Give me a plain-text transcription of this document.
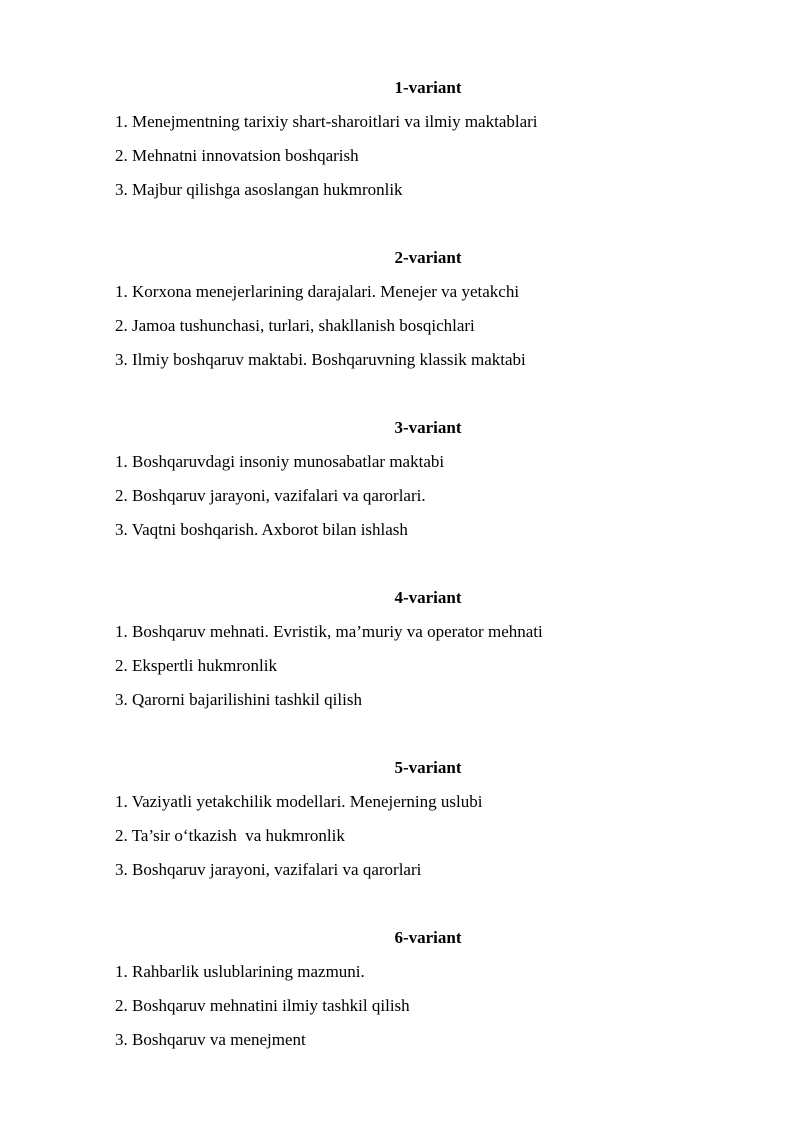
1-variant

1. Menejmentning tarixiy shart-sharoitlari va ilmiy maktablari

2. Mehnatni innovatsion boshqarish

3. Majbur qilishga asoslangan hukmronlik

2-variant

1. Korxona menejerlarining darajalari. Menejer va yetakchi

2. Jamoa tushunchasi, turlari, shakllanish bosqichlari

3. Ilmiy boshqaruv maktabi. Boshqaruvning klassik maktabi

3-variant

1. Boshqaruvdagi insoniy munosabatlar maktabi

2. Boshqaruv jarayoni, vazifalari va qarorlari.

3. Vaqtni boshqarish. Axborot bilan ishlash

4-variant

1. Boshqaruv mehnati. Evristik, ma’muriy va operator mehnati

2. Ekspertli hukmronlik

3. Qarorni bajarilishini tashkil qilish

5-variant

1. Vaziyatli yetakchilik modellari. Menejerning uslubi

2. Ta’sir o‘tkazish  va hukmronlik

3. Boshqaruv jarayoni, vazifalari va qarorlari

6-variant

1. Rahbarlik uslublarining mazmuni.

2. Boshqaruv mehnatini ilmiy tashkil qilish

3. Boshqaruv va menejment
